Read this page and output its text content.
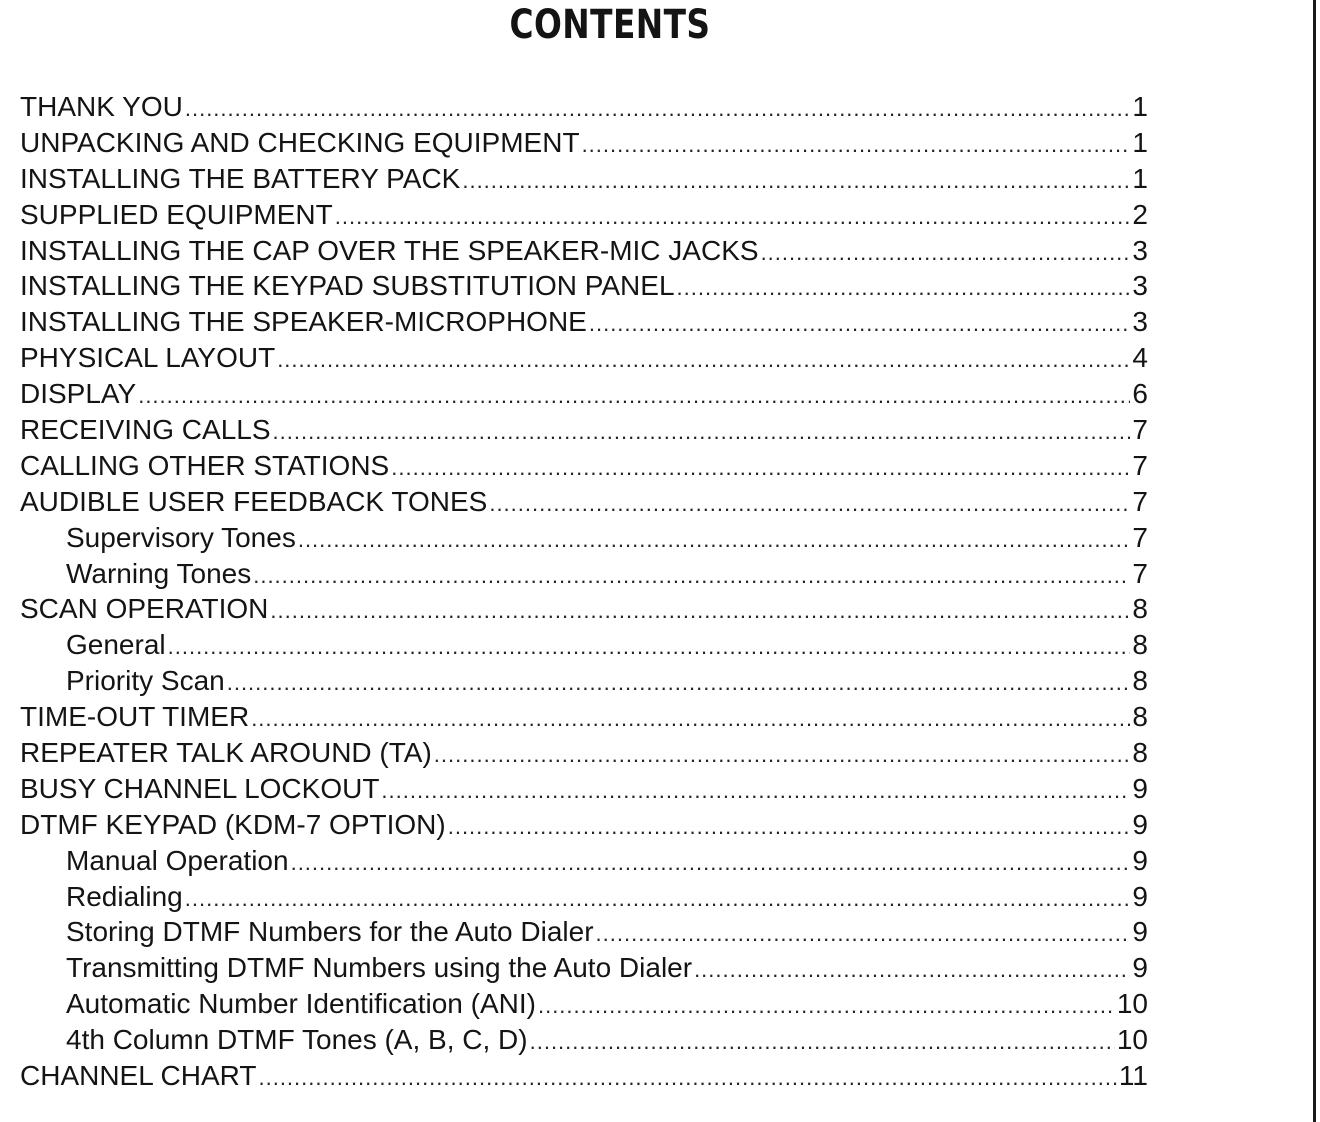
CONTENTS
THANK YOU .....	1
UNPACKING AND CHECKING EQUIPMENT .....	1
INSTALLING THE BATTERY PACK .....	1
SUPPLIED EQUIPMENT .....	2
INSTALLING THE CAP OVER THE SPEAKER-MIC JACKS .....	3
INSTALLING THE KEYPAD SUBSTITUTION PANEL .....	3
INSTALLING THE SPEAKER-MICROPHONE .....	3
PHYSICAL LAYOUT .....	4
DISPLAY .....	6
RECEIVING CALLS .....	7
CALLING OTHER STATIONS .....	7
AUDIBLE USER FEEDBACK TONES .....	7
Supervisory Tones .....	7
Warning Tones .....	7
SCAN OPERATION .....	8
General .....	8
Priority Scan .....	8
TIME-OUT TIMER .....	8
REPEATER TALK AROUND (TA) .....	8
BUSY CHANNEL LOCKOUT .....	9
DTMF KEYPAD (KDM-7 OPTION) .....	9
Manual Operation .....	9
Redialing .....	9
Storing DTMF Numbers for the Auto Dialer .....	9
Transmitting DTMF Numbers using the Auto Dialer .....	9
Automatic Number Identification (ANI) .....	10
4th Column DTMF Tones (A, B, C, D) .....	10
CHANNEL CHART .....	11
